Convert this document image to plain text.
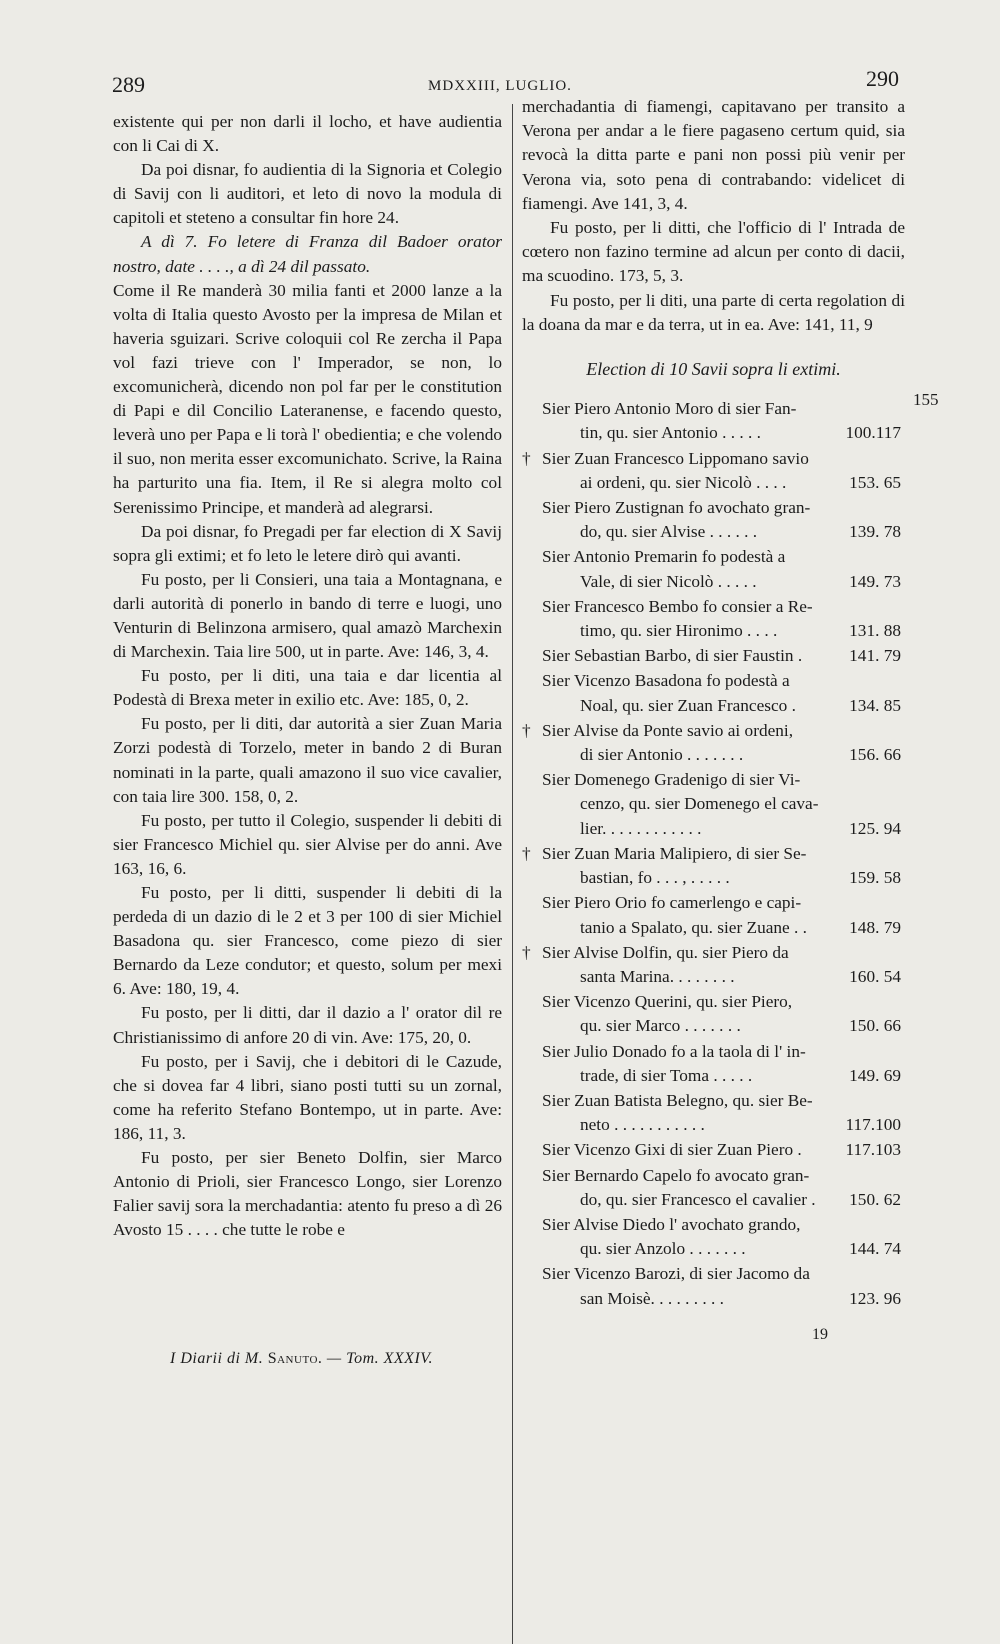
289	MDXXIII, LUGLIO.	290

existente qui per non darli il locho, et have audientia con li Cai di X.

Da poi disnar, fo audientia di la Signoria et Colegio di Savij con li auditori, et leto di novo la modula di capitoli et steteno a consultar fin hore 24.

A dì 7. Fo letere di Franza dil Badoer orator nostro, date . . . ., a dì 24 dil passato.

Come il Re manderà 30 milia fanti et 2000 lanze a la volta di Italia questo Avosto per la impresa de Milan et haveria sguizari. Scrive coloquii col Re zercha il Papa vol fazi trieve con l' Imperador, se non, lo excomunicherà, dicendo non pol far per le constitution di Papi e dil Concilio Lateranense, e facendo questo, leverà uno per Papa e li torà l' obedientia; e che volendo il suo, non merita esser excomunichato. Scrive, la Raina ha parturito una fia. Item, il Re si alegra molto col Serenissimo Principe, et manderà ad alegrarsi.

Da poi disnar, fo Pregadi per far election di X Savij sopra gli extimi; et fo leto le letere dirò qui avanti.

Fu posto, per li Consieri, una taia a Montagnana, e darli autorità di ponerlo in bando di terre e luogi, uno Venturin di Belinzona armisero, qual amazò Marchexin di Marchexin. Taia lire 500, ut in parte. Ave: 146, 3, 4.

Fu posto, per li diti, una taia e dar licentia al Podestà di Brexa meter in exilio etc. Ave: 185, 0, 2.

Fu posto, per li diti, dar autorità a sier Zuan Maria Zorzi podestà di Torzelo, meter in bando 2 di Buran nominati in la parte, quali amazono il suo vice cavalier, con taia lire 300. 158, 0, 2.

Fu posto, per tutto il Colegio, suspender li debiti di sier Francesco Michiel qu. sier Alvise per do anni. Ave 163, 16, 6.

Fu posto, per li ditti, suspender li debiti di la perdeda di un dazio di le 2 et 3 per 100 di sier Michiel Basadona qu. sier Francesco, come piezo di sier Bernardo da Leze condutor; et questo, solum per mexi 6. Ave: 180, 19, 4.

Fu posto, per li ditti, dar il dazio a l' orator dil re Christianissimo di anfore 20 di vin. Ave: 175, 20, 0.

Fu posto, per i Savij, che i debitori di le Cazude, che si dovea far 4 libri, siano posti tutti su un zornal, come ha referito Stefano Bontempo, ut in parte. Ave: 186, 11, 3.

Fu posto, per sier Beneto Dolfin, sier Marco Antonio di Prioli, sier Francesco Longo, sier Lorenzo Falier savij sora la merchadantia: atento fu preso a dì 26 Avosto 15 . . . . che tutte le robe e

merchadantia di fiamengi, capitavano per transito a Verona per andar a le fiere pagaseno certum quid, sia revocà la ditta parte e pani non possi più venir per Verona via, soto pena di contrabando: videlicet di fiamengi. Ave 141, 3, 4.

Fu posto, per li ditti, che l'officio di l' Intrada de cœtero non fazino termine ad alcun per conto di dacii, ma scuodino. 173, 5, 3.

Fu posto, per li diti, una parte di certa regolation di la doana da mar e da terra, ut in ea. Ave: 141, 11, 9

Election di 10 Savii sopra li extimi.
Sier Piero Antonio Moro di sier Fan-
tin, qu. sier Antonio . . . . .	100.117
† Sier Zuan Francesco Lippomano savio
ai ordeni, qu. sier Nicolò . . . .	153. 65
Sier Piero Zustignan fo avochato gran-
do, qu. sier Alvise . . . . . .	139. 78
Sier Antonio Premarin fo podestà a
Vale, di sier Nicolò . . . . .	149. 73
Sier Francesco Bembo fo consier a Re-
timo, qu. sier Hironimo . . . .	131. 88
Sier Sebastian Barbo, di sier Faustin .	141. 79
Sier Vicenzo Basadona fo podestà a
Noal, qu. sier Zuan Francesco .	134. 85
† Sier Alvise da Ponte savio ai ordeni,
di sier Antonio . . . . . . .	156. 66
Sier Domenego Gradenigo di sier Vi-
cenzo, qu. sier Domenego el cava-
lier. . . . . . . . . . . .	125. 94
† Sier Zuan Maria Malipiero, di sier Se-
bastian, fo . . . , . . . . .	159. 58
Sier Piero Orio fo camerlengo e capi-
tanio a Spalato, qu. sier Zuane . .	148. 79
† Sier Alvise Dolfin, qu. sier Piero da
santa Marina. . . . . . . .	160. 54
Sier Vicenzo Querini, qu. sier Piero,
qu. sier Marco . . . . . . .	150. 66
Sier Julio Donado fo a la taola di l' in-
trade, di sier Toma . . . . .	149. 69
Sier Zuan Batista Belegno, qu. sier Be-
neto . . . . . . . . . . .	117.100
Sier Vicenzo Gixi di sier Zuan Piero .	117.103
Sier Bernardo Capelo fo avocato gran-
do, qu. sier Francesco el cavalier .	150. 62
Sier Alvise Diedo l' avochato grando,
qu. sier Anzolo . . . . . . .	144. 74
Sier Vicenzo Barozi, di sier Jacomo da
san Moisè. . . . . . . . .	123. 96
155
I Diarii di M. Sanuto. — Tom. XXXIV.
19
